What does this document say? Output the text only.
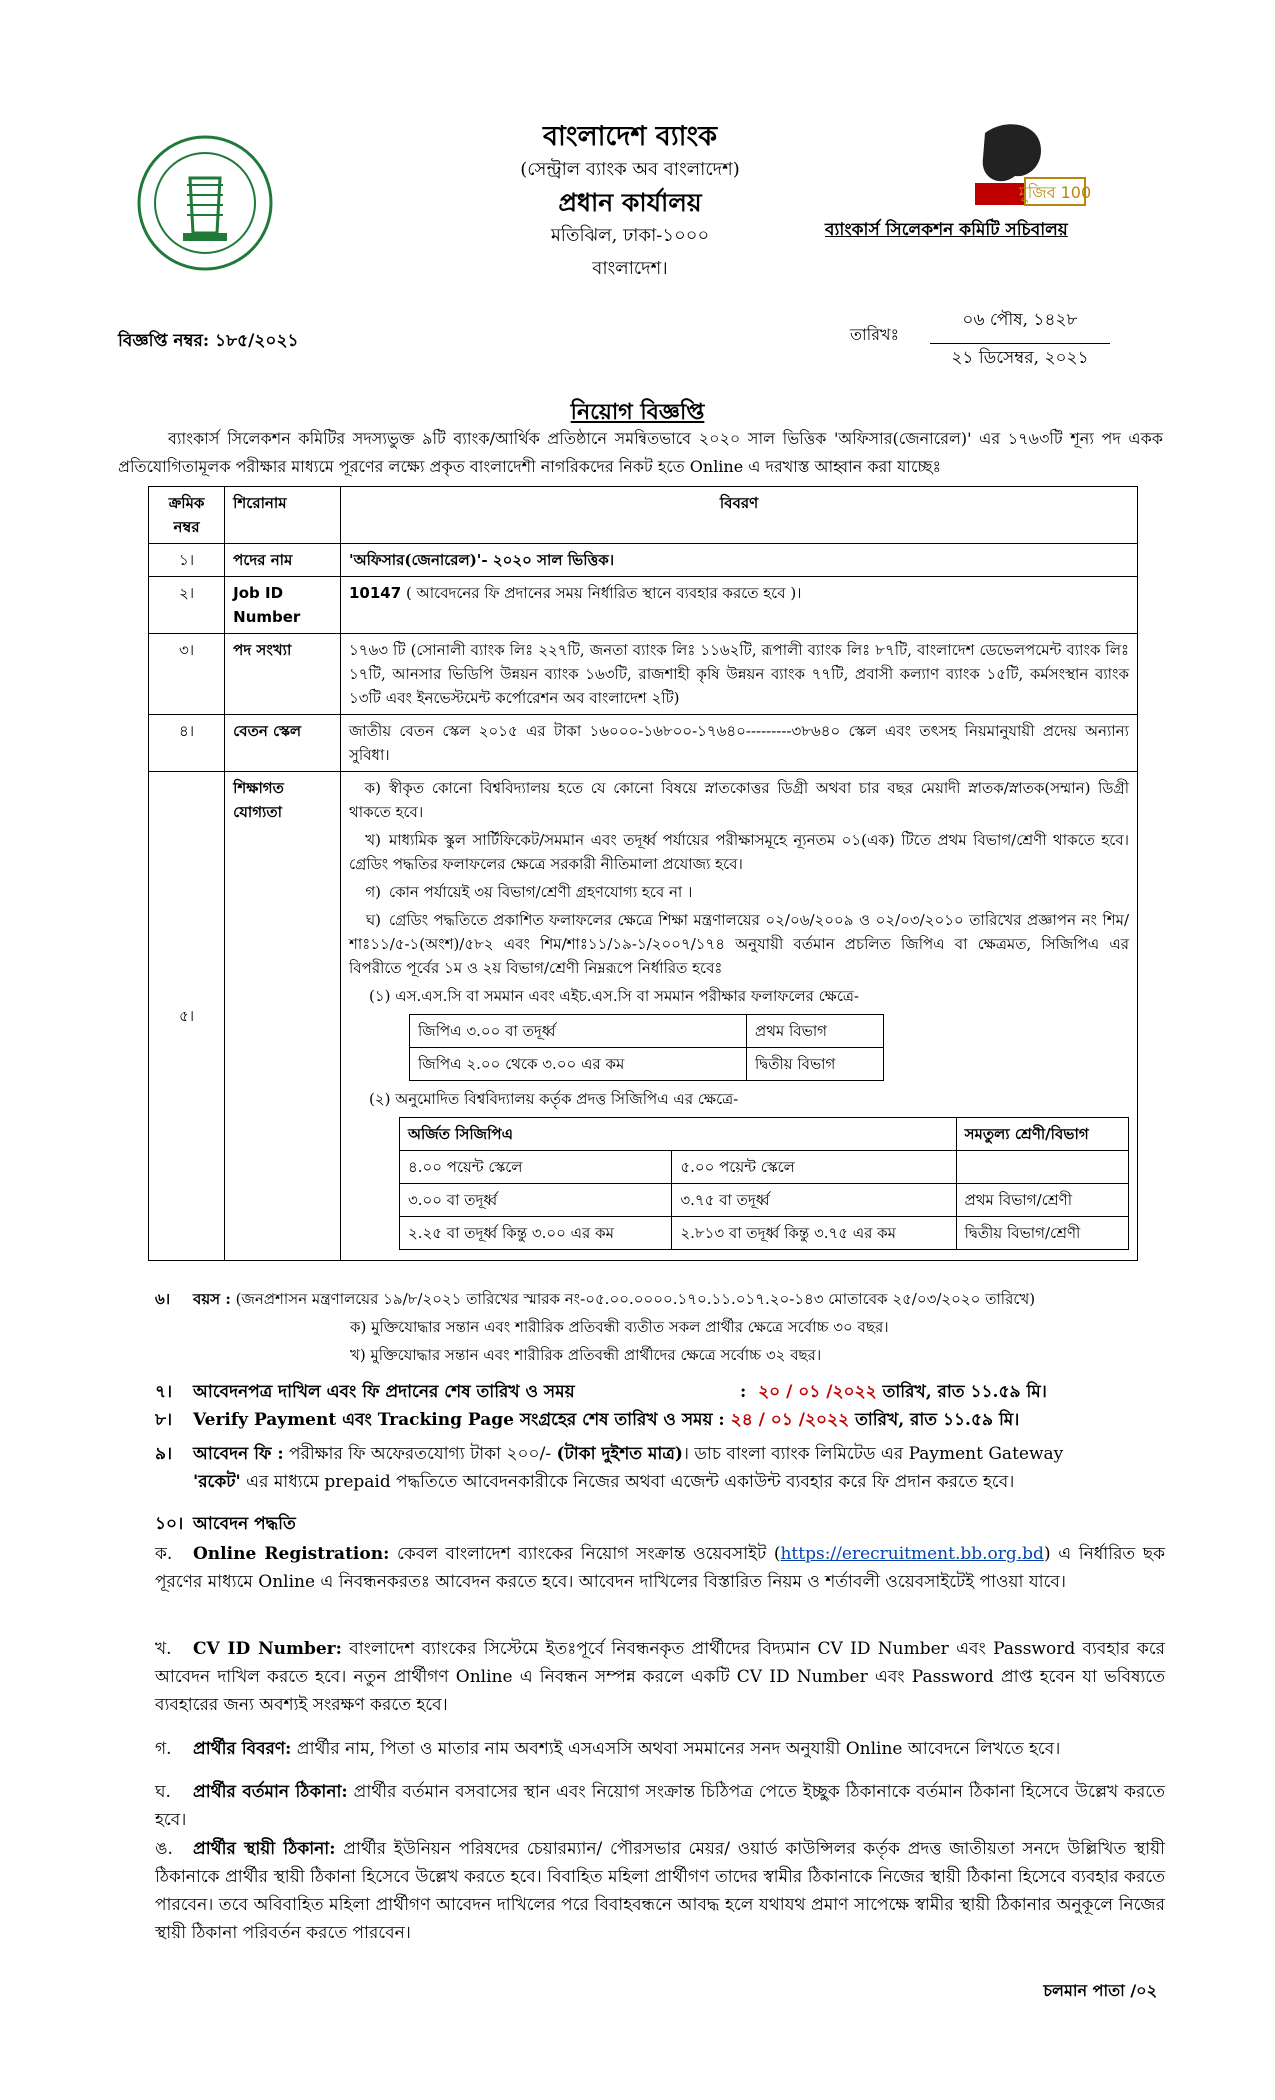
বাংলাদেশ ব্যাংক
(সেন্ট্রাল ব্যাংক অব বাংলাদেশ)
প্রধান কার্যালয়
মতিঝিল, ঢাকা-১০০০
বাংলাদেশ।
মুজিব 100
ব্যাংকার্স সিলেকশন কমিটি সচিবালয়
বিজ্ঞপ্তি নম্বর: ১৮৫/২০২১	তারিখঃ
০৬ পৌষ, ১৪২৮
২১ ডিসেম্বর, ২০২১
নিয়োগ বিজ্ঞপ্তি
ব্যাংকার্স সিলেকশন কমিটির সদস্যভুক্ত ৯টি ব্যাংক/আর্থিক প্রতিষ্ঠানে সমন্বিতভাবে ২০২০ সাল ভিত্তিক 'অফিসার(জেনারেল)' এর ১৭৬৩টি শূন্য পদ একক প্রতিযোগিতামূলক পরীক্ষার মাধ্যমে পূরণের লক্ষ্যে প্রকৃত বাংলাদেশী নাগরিকদের নিকট হতে Online এ দরখাস্ত আহ্বান করা যাচ্ছেঃ
ক্রমিক নম্বর	শিরোনাম	বিবরণ
১।	পদের নাম	'অফিসার(জেনারেল)'- ২০২০ সাল ভিত্তিক।
২।	Job ID Number	10147 ( আবেদনের ফি প্রদানের সময় নির্ধারিত স্থানে ব্যবহার করতে হবে )।
৩।	পদ সংখ্যা	১৭৬৩ টি (সোনালী ব্যাংক লিঃ ২২৭টি, জনতা ব্যাংক লিঃ ১১৬২টি, রূপালী ব্যাংক লিঃ ৮৭টি, বাংলাদেশ ডেভেলপমেন্ট ব্যাংক লিঃ ১৭টি, আনসার ভিডিপি উন্নয়ন ব্যাংক ১৬৩টি, রাজশাহী কৃষি উন্নয়ন ব্যাংক ৭৭টি, প্রবাসী কল্যাণ ব্যাংক ১৫টি, কর্মসংস্থান ব্যাংক ১৩টি এবং ইনভেস্টমেন্ট কর্পোরেশন অব বাংলাদেশ ২টি)
৪।	বেতন স্কেল	জাতীয় বেতন স্কেল ২০১৫ এর টাকা ১৬০০০-১৬৮০০-১৭৬৪০---------৩৮৬৪০ স্কেল এবং তৎসহ নিয়মানুযায়ী প্রদেয় অন্যান্য সুবিধা।
৫।	শিক্ষাগত যোগ্যতা	
ক) স্বীকৃত কোনো বিশ্ববিদ্যালয় হতে যে কোনো বিষয়ে স্নাতকোত্তর ডিগ্রী অথবা চার বছর মেয়াদী স্নাতক/স্নাতক(সম্মান) ডিগ্রী থাকতে হবে।
খ) মাধ্যমিক স্কুল সার্টিফিকেট/সমমান এবং তদূর্ধ্ব পর্যায়ের পরীক্ষাসমূহে ন্যূনতম ০১(এক) টিতে প্রথম বিভাগ/শ্রেণী থাকতে হবে। গ্রেডিং পদ্ধতির ফলাফলের ক্ষেত্রে সরকারী নীতিমালা প্রযোজ্য হবে।
গ) কোন পর্যায়েই ৩য় বিভাগ/শ্রেণী গ্রহণযোগ্য হবে না ।
ঘ) গ্রেডিং পদ্ধতিতে প্রকাশিত ফলাফলের ক্ষেত্রে শিক্ষা মন্ত্রণালয়ের ০২/০৬/২০০৯ ও ০২/০৩/২০১০ তারিখের প্রজ্ঞাপন নং শিম/শাঃ১১/৫-১(অংশ)/৫৮২ এবং শিম/শাঃ১১/১৯-১/২০০৭/১৭৪ অনুযায়ী বর্তমান প্রচলিত জিপিএ বা ক্ষেত্রমত, সিজিপিএ এর বিপরীতে পূর্বের ১ম ও ২য় বিভাগ/শ্রেণী নিম্নরূপে নির্ধারিত হবেঃ
(১) এস.এস.সি বা সমমান এবং এইচ.এস.সি বা সমমান পরীক্ষার ফলাফলের ক্ষেত্রে-
জিপিএ ৩.০০ বা তদূর্ধ্ব	প্রথম বিভাগ
জিপিএ ২.০০ থেকে ৩.০০ এর কম	দ্বিতীয় বিভাগ
(২) অনুমোদিত বিশ্ববিদ্যালয় কর্তৃক প্রদত্ত সিজিপিএ এর ক্ষেত্রে-
অর্জিত সিজিপিএ	সমতুল্য শ্রেণী/বিভাগ
৪.০০ পয়েন্ট স্কেলে	৫.০০ পয়েন্ট স্কেলে	
৩.০০ বা তদূর্ধ্ব	৩.৭৫ বা তদূর্ধ্ব	প্রথম বিভাগ/শ্রেণী
২.২৫ বা তদূর্ধ্ব কিন্তু ৩.০০ এর কম	২.৮১৩ বা তদূর্ধ্ব কিন্তু ৩.৭৫ এর কম	দ্বিতীয় বিভাগ/শ্রেণী
৬। বয়স : (জনপ্রশাসন মন্ত্রণালয়ের ১৯/৮/২০২১ তারিখের স্মারক নং-০৫.০০.০০০০.১৭০.১১.০১৭.২০-১৪৩ মোতাবেক ২৫/০৩/২০২০ তারিখে)
ক) মুক্তিযোদ্ধার সন্তান এবং শারীরিক প্রতিবন্ধী ব্যতীত সকল প্রার্থীর ক্ষেত্রে সর্বোচ্চ ৩০ বছর।
খ) মুক্তিযোদ্ধার সন্তান এবং শারীরিক প্রতিবন্ধী প্রার্থীদের ক্ষেত্রে সর্বোচ্চ ৩২ বছর।
৭। আবেদনপত্র দাখিল এবং ফি প্রদানের শেষ তারিখ ও সময়	: ২০ / ০১ /২০২২ তারিখ, রাত ১১.৫৯ মি।
৮। Verify Payment এবং Tracking Page সংগ্রহের শেষ তারিখ ও সময় : ২৪ / ০১ /২০২২ তারিখ, রাত ১১.৫৯ মি।
৯। আবেদন ফি : পরীক্ষার ফি অফেরতযোগ্য টাকা ২০০/- (টাকা দুইশত মাত্র)। ডাচ বাংলা ব্যাংক লিমিটেড এর Payment Gateway
'রকেট' এর মাধ্যমে prepaid পদ্ধতিতে আবেদনকারীকে নিজের অথবা এজেন্ট একাউন্ট ব্যবহার করে ফি প্রদান করতে হবে।
১০। আবেদন পদ্ধতি
ক. Online Registration: কেবল বাংলাদেশ ব্যাংকের নিয়োগ সংক্রান্ত ওয়েবসাইট (https://erecruitment.bb.org.bd) এ নির্ধারিত ছক পূরণের মাধ্যমে Online এ নিবন্ধনকরতঃ আবেদন করতে হবে। আবেদন দাখিলের বিস্তারিত নিয়ম ও শর্তাবলী ওয়েবসাইটেই পাওয়া যাবে।
খ. CV ID Number: বাংলাদেশ ব্যাংকের সিস্টেমে ইতঃপূর্বে নিবন্ধনকৃত প্রার্থীদের বিদ্যমান CV ID Number এবং Password ব্যবহার করে আবেদন দাখিল করতে হবে। নতুন প্রার্থীগণ Online এ নিবন্ধন সম্পন্ন করলে একটি CV ID Number এবং Password প্রাপ্ত হবেন যা ভবিষ্যতে ব্যবহারের জন্য অবশ্যই সংরক্ষণ করতে হবে।
গ. প্রার্থীর বিবরণ: প্রার্থীর নাম, পিতা ও মাতার নাম অবশ্যই এসএসসি অথবা সমমানের সনদ অনুযায়ী Online আবেদনে লিখতে হবে।
ঘ. প্রার্থীর বর্তমান ঠিকানা: প্রার্থীর বর্তমান বসবাসের স্থান এবং নিয়োগ সংক্রান্ত চিঠিপত্র পেতে ইচ্ছুক ঠিকানাকে বর্তমান ঠিকানা হিসেবে উল্লেখ করতে হবে।
ঙ. প্রার্থীর স্থায়ী ঠিকানা: প্রার্থীর ইউনিয়ন পরিষদের চেয়ারম্যান/ পৌরসভার মেয়র/ ওয়ার্ড কাউন্সিলর কর্তৃক প্রদত্ত জাতীয়তা সনদে উল্লিখিত স্থায়ী ঠিকানাকে প্রার্থীর স্থায়ী ঠিকানা হিসেবে উল্লেখ করতে হবে। বিবাহিত মহিলা প্রার্থীগণ তাদের স্বামীর ঠিকানাকে নিজের স্থায়ী ঠিকানা হিসেবে ব্যবহার করতে পারবেন। তবে অবিবাহিত মহিলা প্রার্থীগণ আবেদন দাখিলের পরে বিবাহবন্ধনে আবদ্ধ হলে যথাযথ প্রমাণ সাপেক্ষে স্বামীর স্থায়ী ঠিকানার অনুকূলে নিজের স্থায়ী ঠিকানা পরিবর্তন করতে পারবেন।
চলমান পাতা /০২
